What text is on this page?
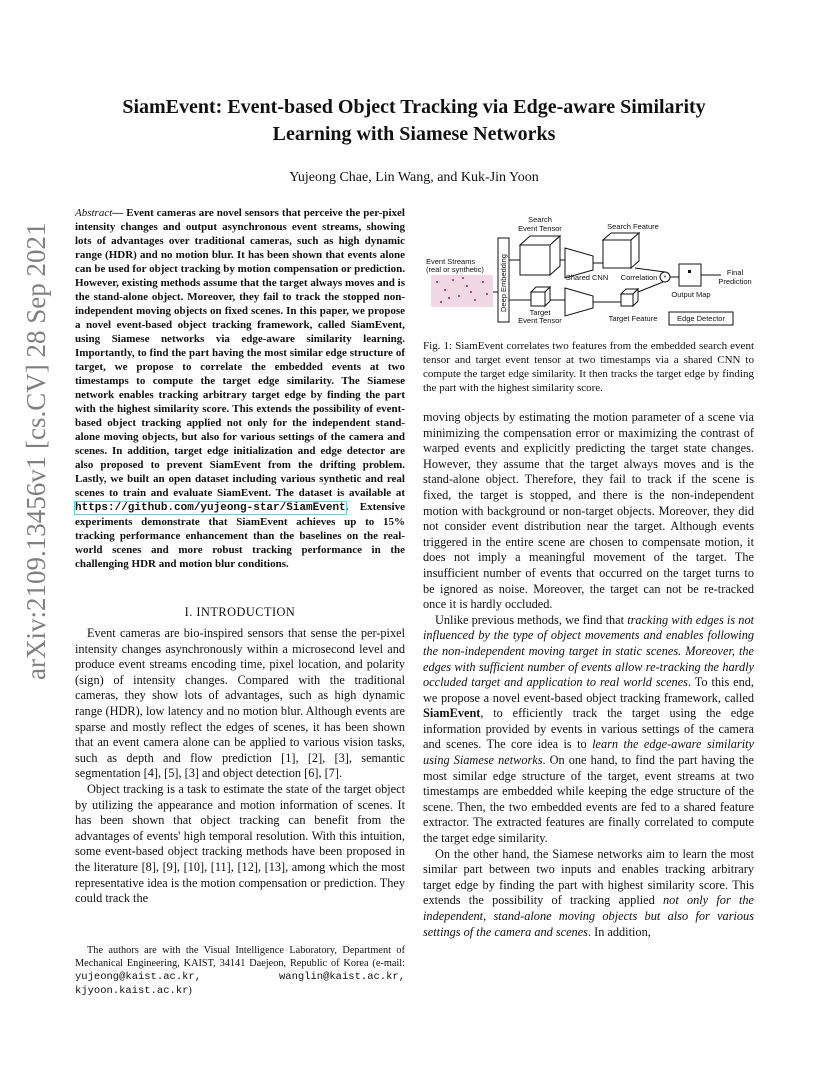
arXiv:2109.13456v1 [cs.CV] 28 Sep 2021
SiamEvent: Event-based Object Tracking via Edge-aware Similarity
Learning with Siamese Networks
Yujeong Chae, Lin Wang, and Kuk-Jin Yoon
Abstract— Event cameras are novel sensors that perceive the per-pixel intensity changes and output asynchronous event streams, showing lots of advantages over traditional cameras, such as high dynamic range (HDR) and no motion blur. It has been shown that events alone can be used for object tracking by motion compensation or prediction. However, existing methods assume that the target always moves and is the stand-alone object. Moreover, they fail to track the stopped non-independent moving objects on fixed scenes. In this paper, we propose a novel event-based object tracking framework, called SiamEvent, using Siamese networks via edge-aware similarity learning. Importantly, to find the part having the most similar edge structure of target, we propose to correlate the embedded events at two timestamps to compute the target edge similarity. The Siamese network enables tracking arbitrary target edge by finding the part with the highest similarity score. This extends the possibility of event-based object tracking applied not only for the independent stand-alone moving objects, but also for various settings of the camera and scenes. In addition, target edge initialization and edge detector are also proposed to prevent SiamEvent from the drifting problem. Lastly, we built an open dataset including various synthetic and real scenes to train and evaluate SiamEvent. The dataset is available at https://github.com/yujeong-star/SiamEvent. Extensive experiments demonstrate that SiamEvent achieves up to 15% tracking performance enhancement than the baselines on the real-world scenes and more robust tracking performance in the challenging HDR and motion blur conditions.
I. INTRODUCTION

Event cameras are bio-inspired sensors that sense the per-pixel intensity changes asynchronously within a microsecond level and produce event streams encoding time, pixel location, and polarity (sign) of intensity changes. Compared with the traditional cameras, they show lots of advantages, such as high dynamic range (HDR), low latency and no motion blur. Although events are sparse and mostly reflect the edges of scenes, it has been shown that an event camera alone can be applied to various vision tasks, such as depth and flow prediction [1], [2], [3], semantic segmentation [4], [5], [3] and object detection [6], [7].

Object tracking is a task to estimate the state of the target object by utilizing the appearance and motion information of scenes. It has been shown that object tracking can benefit from the advantages of events' high temporal resolution. With this intuition, some event-based object tracking methods have been proposed in the literature [8], [9], [10], [11], [12], [13], among which the most representative idea is the motion compensation or prediction. They could track the

The authors are with the Visual Intelligence Laboratory, Department of Mechanical Engineering, KAIST, 34141 Daejeon, Republic of Korea (e-mail: yujeong@kaist.ac.kr, wanglin@kaist.ac.kr, kjyoon.kaist.ac.kr)
Search
Event Tensor	Search Feature
Event Streams
(real or synthetic) Deep Embedding	Shared CNN Correlation *
Final
Prediction
Output Map
Target
Event Tensor	Target Feature	Edge Detector
Fig. 1: SiamEvent correlates two features from the embedded search event tensor and target event tensor at two timestamps via a shared CNN to compute the target edge similarity. It then tracks the target edge by finding the part with the highest similarity score.

moving objects by estimating the motion parameter of a scene via minimizing the compensation error or maximizing the contrast of warped events and explicitly predicting the target state changes. However, they assume that the target always moves and is the stand-alone object. Therefore, they fail to track if the scene is fixed, the target is stopped, and there is the non-independent motion with background or non-target objects. Moreover, they did not consider event distribution near the target. Although events triggered in the entire scene are chosen to compensate motion, it does not imply a meaningful movement of the target. The insufficient number of events that occurred on the target turns to be ignored as noise. Moreover, the target can not be re-tracked once it is hardly occluded.

Unlike previous methods, we find that tracking with edges is not influenced by the type of object movements and enables following the non-independent moving target in static scenes. Moreover, the edges with sufficient number of events allow re-tracking the hardly occluded target and application to real world scenes. To this end, we propose a novel event-based object tracking framework, called SiamEvent, to efficiently track the target using the edge information provided by events in various settings of the camera and scenes. The core idea is to learn the edge-aware similarity using Siamese networks. On one hand, to find the part having the most similar edge structure of the target, event streams at two timestamps are embedded while keeping the edge structure of the scene. Then, the two embedded events are fed to a shared feature extractor. The extracted features are finally correlated to compute the target edge similarity.

On the other hand, the Siamese networks aim to learn the most similar part between two inputs and enables tracking arbitrary target edge by finding the part with highest similarity score. This extends the possibility of tracking applied not only for the independent, stand-alone moving objects but also for various settings of the camera and scenes. In addition,
